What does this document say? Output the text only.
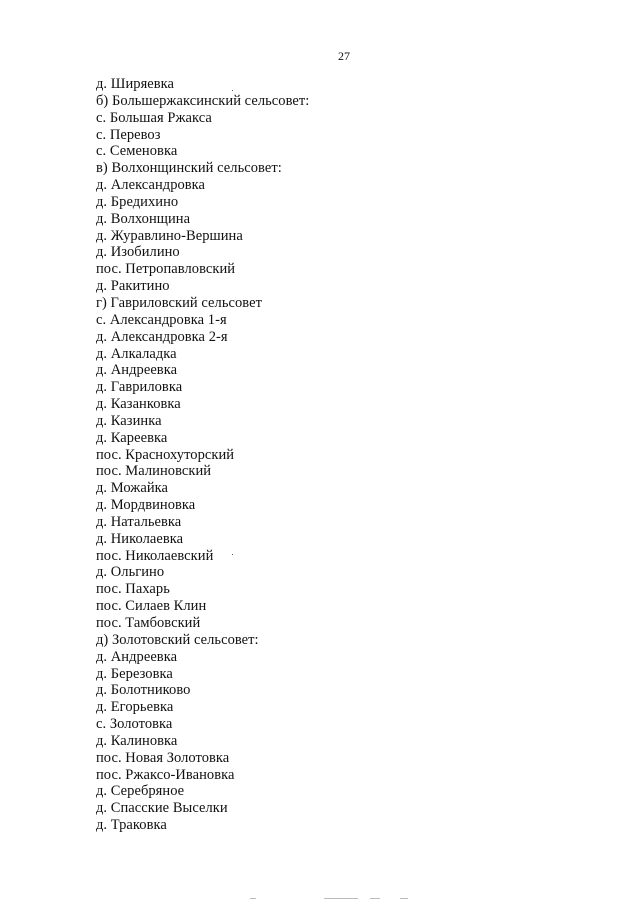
27
д. Ширяевка
б) Большержаксинский сельсовет:
с. Большая Ржакса
с. Перевоз
с. Семеновка
в) Волхонщинский сельсовет:
д. Александровка
д. Бредихино
д. Волхонщина
д. Журавлино-Вершина
д. Изобилино
пос. Петропавловский
д. Ракитино
г) Гавриловский сельсовет
с. Александровка 1-я
д. Александровка 2-я
д. Алкаладка
д. Андреевка
д. Гавриловка
д. Казанковка
д. Казинка
д. Кареевка
пос. Краснохуторский
пос. Малиновский
д. Можайка
д. Мордвиновка
д. Натальевка
д. Николаевка
пос. Николаевский
д. Ольгино
пос. Пахарь
пос. Силаев Клин
пос. Тамбовский
д) Золотовский сельсовет:
д. Андреевка
д. Березовка
д. Болотниково
д. Егорьевка
с. Золотовка
д. Калиновка
пос. Новая Золотовка
пос. Ржаксо-Ивановка
д. Серебряное
д. Спасские Выселки
д. Траковка
